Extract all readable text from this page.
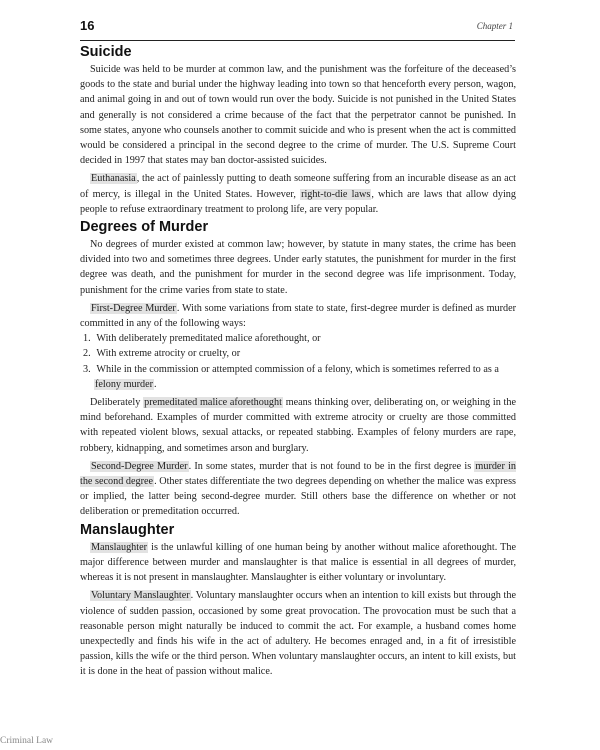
16	Chapter 1
Suicide

Suicide was held to be murder at common law, and the punishment was the forfeiture of the deceased’s goods to the state and burial under the highway leading into town so that henceforth every person, wagon, and animal going in and out of town would run over the body. Suicide is not punished in the United States and generally is not considered a crime because of the fact that the perpetrator cannot be punished. In some states, anyone who counsels another to commit suicide and who is present when the act is committed would be considered a principal in the second degree to the crime of murder. The U.S. Supreme Court decided in 1997 that states may ban doctor-assisted suicides.

Euthanasia, the act of painlessly putting to death someone suffering from an incurable disease as an act of mercy, is illegal in the United States. However, right-to-die laws, which are laws that allow dying people to refuse extraordinary treatment to prolong life, are very popular.

Degrees of Murder

No degrees of murder existed at common law; however, by statute in many states, the crime has been divided into two and sometimes three degrees. Under early statutes, the punishment for murder in the first degree was death, and the punishment for murder in the second degree was life imprisonment. Today, punishment for the crime varies from state to state.

First-Degree Murder. With some variations from state to state, first-degree murder is defined as murder committed in any of the following ways:

1. With deliberately premeditated malice aforethought, or
2. With extreme atrocity or cruelty, or
3. While in the commission or attempted commission of a felony, which is sometimes referred to as a felony murder.

Deliberately premeditated malice aforethought means thinking over, deliberating on, or weighing in the mind beforehand. Examples of murder committed with extreme atrocity or cruelty are those committed with repeated violent blows, sexual attacks, or repeated stabbing. Examples of felony murders are rape, robbery, kidnapping, and sometimes arson and burglary.

Second-Degree Murder. In some states, murder that is not found to be in the first degree is murder in the second degree. Other states differentiate the two degrees depending on whether the malice was express or implied, the latter being second-degree murder. Still others base the difference on whether or not deliberation or premeditation occurred.

Manslaughter

Manslaughter is the unlawful killing of one human being by another without malice aforethought. The major difference between murder and manslaughter is that malice is essential in all degrees of murder, whereas it is not present in manslaughter. Manslaughter is either voluntary or involuntary.

Voluntary Manslaughter. Voluntary manslaughter occurs when an intention to kill exists but through the violence of sudden passion, occasioned by some great provocation. The provocation must be such that a reasonable person might naturally be induced to commit the act. For example, a husband comes home unexpectedly and finds his wife in the act of adultery. He becomes enraged and, in a fit of irresistible passion, kills the wife or the third person. When voluntary manslaughter occurs, an intent to kill exists, but it is done in the heat of passion without malice.

Criminal Law
